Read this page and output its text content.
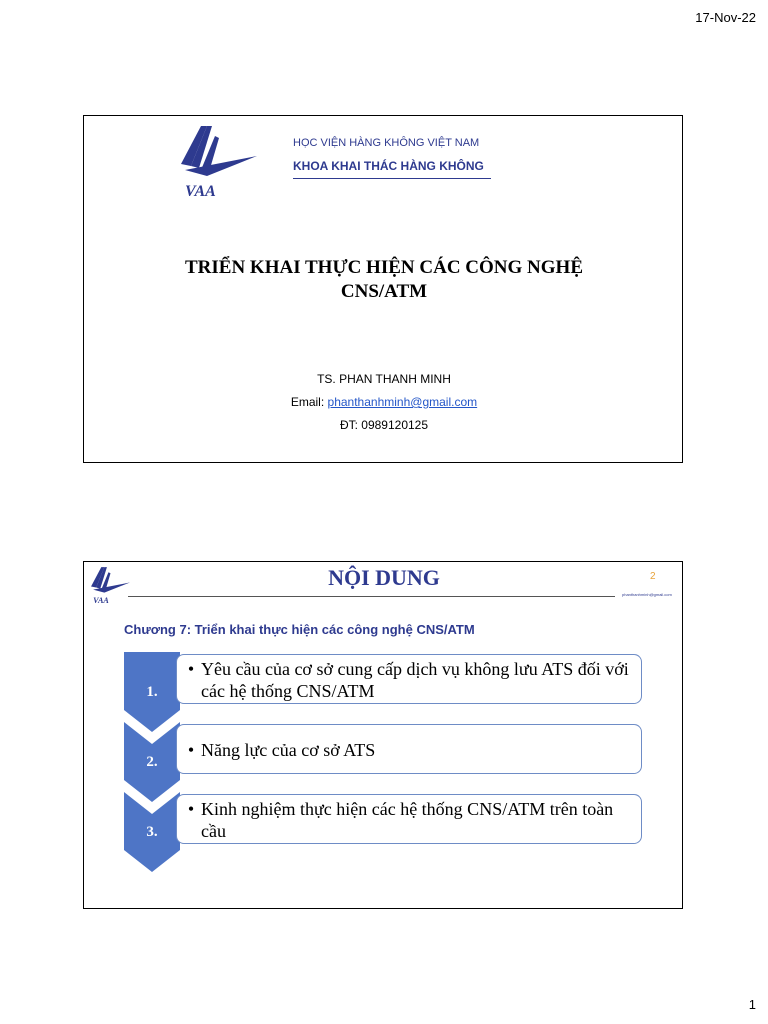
17-Nov-22
VAA
HỌC VIỆN HÀNG KHÔNG VIỆT NAM
KHOA KHAI THÁC HÀNG KHÔNG
TRIỂN KHAI THỰC HIỆN CÁC CÔNG NGHỆ
CNS/ATM
TS. PHAN THANH MINH
Email: phanthanhminh@gmail.com
ĐT: 0989120125
VAA
NỘI DUNG	2
phanthanhminh@gmail.com
Chương 7: Triển khai thực hiện các công nghệ CNS/ATM
1.
• Yêu cầu của cơ sở cung cấp dịch vụ không lưu ATS đối với các hệ thống CNS/ATM
2.
• Năng lực của cơ sở ATS
3.
• Kinh nghiệm thực hiện các hệ thống CNS/ATM trên toàn cầu
1
